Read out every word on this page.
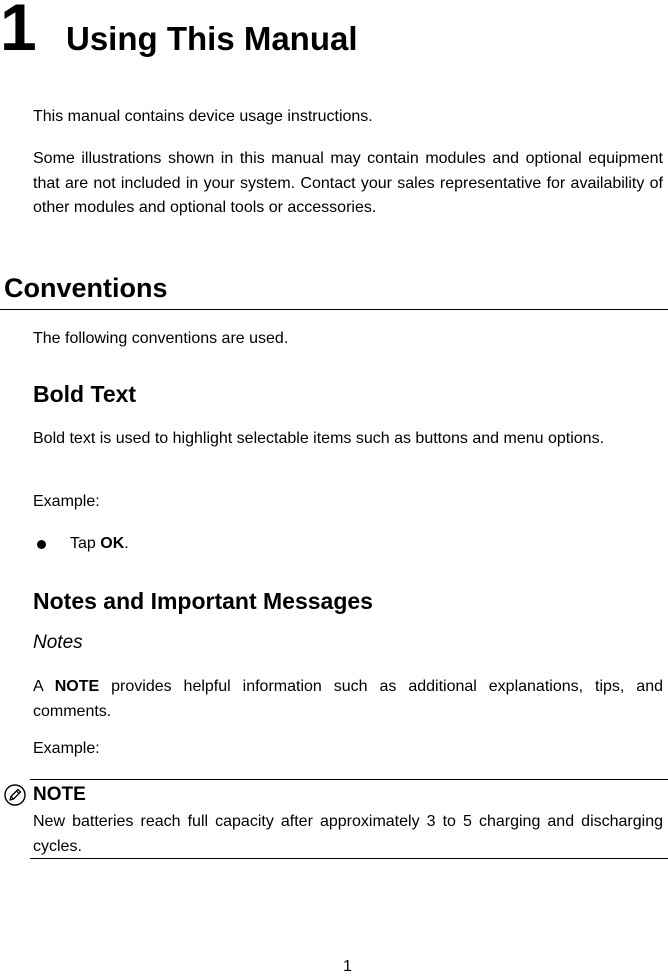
1 Using This Manual

This manual contains device usage instructions.

Some illustrations shown in this manual may contain modules and optional equipment that are not included in your system. Contact your sales representative for availability of other modules and optional tools or accessories.

Conventions

The following conventions are used.

Bold Text

Bold text is used to highlight selectable items such as buttons and menu options.

Example:

Tap OK.

Notes and Important Messages
Notes

A NOTE provides helpful information such as additional explanations, tips, and comments.

Example:

NOTE

New batteries reach full capacity after approximately 3 to 5 charging and discharging cycles.

1
